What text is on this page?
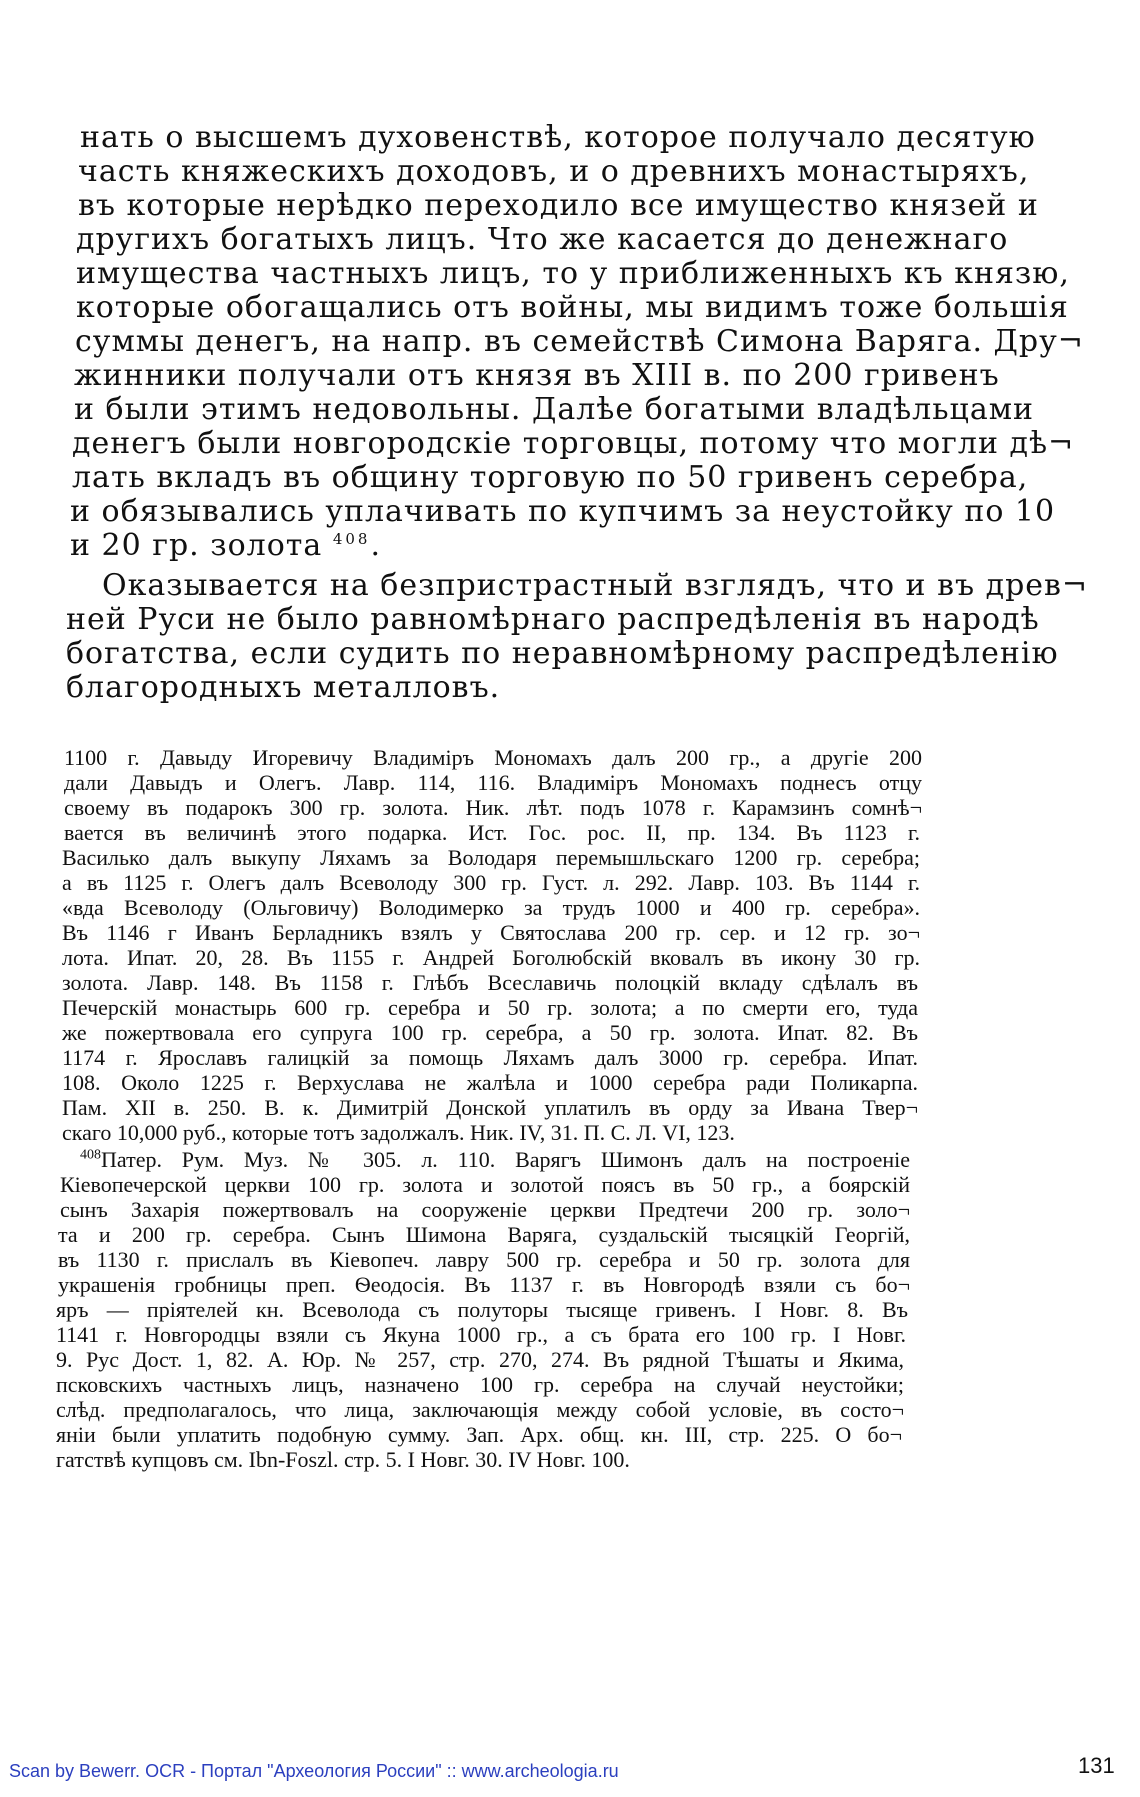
нать о высшемъ духовенствѣ, которое получало десятую
часть княжескихъ доходовъ, и о древнихъ монастыряхъ,
въ которые нерѣдко переходило все имущество князей и
другихъ богатыхъ лицъ. Что же касается до денежнаго
имущества частныхъ лицъ, то у приближенныхъ къ князю,
которые обогащались отъ войны, мы видимъ тоже большiя
суммы денегъ, на напр. въ семействѣ Симона Варяга. Дру¬
жинники получали отъ князя въ XIII в. по 200 гривенъ
и были этимъ недовольны. Далѣе богатыми владѣльцами
денегъ были новгородскiе торговцы, потому что могли дѣ¬
лать вкладъ въ общину торговую по 50 гривенъ серебра,
и обязывались уплачивать по купчимъ за неустойку по 10
и 20 гр. золота $^{408}$.
Оказывается на безпристрастный взглядъ, что и въ древ¬
ней Руси не было равномѣрнаго распредѣленiя въ народѣ
богатства, если судить по неравномѣрному распредѣленiю
благородныхъ металловъ.
1100 г. Давыду Игоревичу Владимiръ Мономахъ далъ 200 гр., а другiе 200
дали Давыдъ и Олегъ. Лавр. 114, 116. Владимiръ Мономахъ поднесъ отцу
своему въ подарокъ 300 гр. золота. Ник. лѣт. подъ 1078 г. Карамзинъ сомнѣ¬
вается въ величинѣ этого подарка. Ист. Гос. рос. II, пр. 134. Въ 1123 г.
Василько далъ выкупу Ляхамъ за Володаря перемышльскаго 1200 гр. серебра;
а въ 1125 г. Олегъ далъ Всеволоду 300 гр. Густ. л. 292. Лавр. 103. Въ 1144 г.
«вда Всеволоду (Ольговичу) Володимерко за трудъ 1000 и 400 гр. серебра».
Въ 1146 г Иванъ Берладникъ взялъ у Святослава 200 гр. сер. и 12 гр. зо¬
лота. Ипат. 20, 28. Въ 1155 г. Андрей Боголюбскiй вковалъ въ икону 30 гр.
золота. Лавр. 148. Въ 1158 г. Глѣбъ Всеславичь полоцкiй вкладу сдѣлалъ въ
Печерскiй монастырь 600 гр. серебра и 50 гр. золота; а по смерти его, туда
же пожертвовала его супруга 100 гр. серебра, а 50 гр. золота. Ипат. 82. Въ
1174 г. Ярославъ галицкiй за помощь Ляхамъ далъ 3000 гр. серебра. Ипат.
108. Около 1225 г. Верхуслава не жалѣла и 1000 серебра ради Поликарпа.
Пам. XII в. 250. В. к. Димитрiй Донской уплатилъ въ орду за Ивана Твер¬
скаго 10,000 руб., которые тотъ задолжалъ. Ник. IV, 31. П. С. Л. VI, 123.
$^{408}$Патер. Рум. Муз. № 305. л. 110. Варягъ Шимонъ далъ на построенiе
Кiевопечерской церкви 100 гр. золота и золотой поясъ въ 50 гр., а боярскiй
сынъ Захарiя пожертвовалъ на сооруженiе церкви Предтечи 200 гр. золо¬
та и 200 гр. серебра. Сынъ Шимона Варяга, суздальскiй тысяцкiй Георгiй,
въ 1130 г. прислалъ въ Кiевопеч. лавру 500 гр. серебра и 50 гр. золота для
украшенiя гробницы преп. Ѳеодосiя. Въ 1137 г. въ Новгородѣ взяли съ бо¬
яръ — прiятелей кн. Всеволода съ полуторы тысяще гривенъ. I Новг. 8. Въ
1141 г. Новгородцы взяли съ Якуна 1000 гр., а съ брата его 100 гр. I Новг.
9. Рус Дост. 1, 82. А. Юр. № 257, стр. 270, 274. Въ рядной Тѣшаты и Якима,
псковскихъ частныхъ лицъ, назначено 100 гр. серебра на случай неустойки;
слѣд. предполагалось, что лица, заключающiя между собой условiе, въ состо¬
янiи были уплатить подобную сумму. Зап. Арх. общ. кн. III, стр. 225. О бо¬
гатствѣ купцовъ см. Ibn-Foszl. стр. 5. I Новг. 30. IV Новг. 100.
Scan by Bewerr. OCR - Портал "Археология России" :: www.archeologia.ru	131
